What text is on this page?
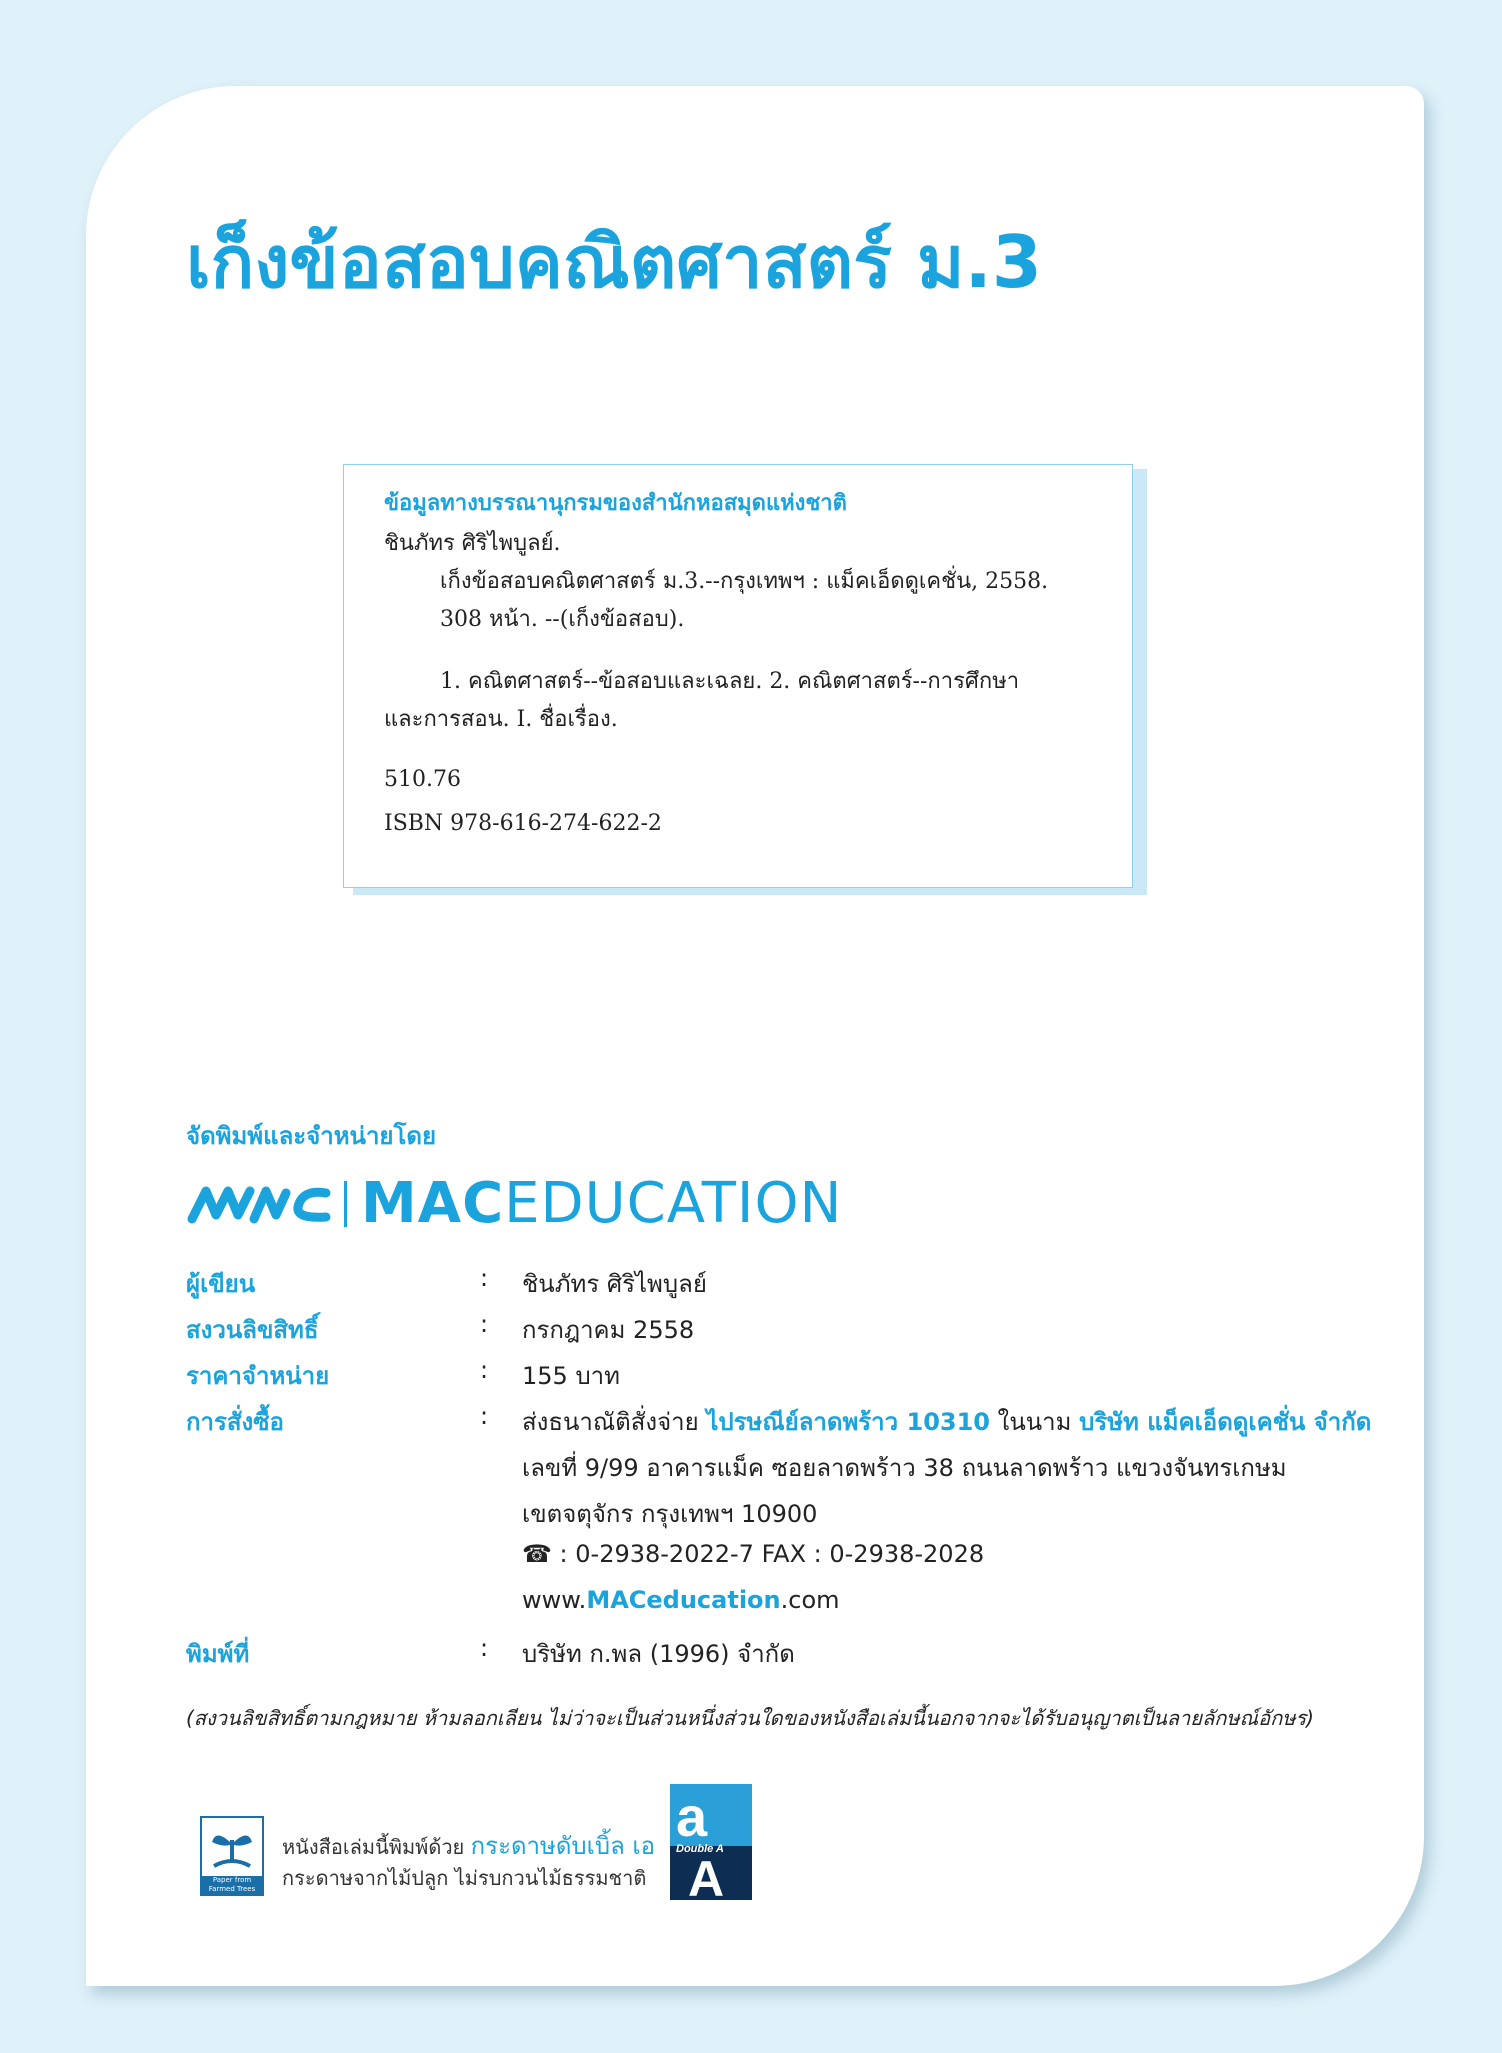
เก็งข้อสอบคณิตศาสตร์ ม.3
ข้อมูลทางบรรณานุกรมของสำนักหอสมุดแห่งชาติ
ชินภัทร ศิริไพบูลย์.
เก็งข้อสอบคณิตศาสตร์ ม.3.--กรุงเทพฯ : แม็คเอ็ดดูเคชั่น, 2558.
308 หน้า. --(เก็งข้อสอบ).
1. คณิตศาสตร์--ข้อสอบและเฉลย. 2. คณิตศาสตร์--การศึกษา
และการสอน. I. ชื่อเรื่อง.
510.76
ISBN 978-616-274-622-2
จัดพิมพ์และจำหน่ายโดย
MACEDUCATION
ผู้เขียน	: ชินภัทร ศิริไพบูลย์
สงวนลิขสิทธิ์	: กรกฎาคม 2558
ราคาจำหน่าย	: 155 บาท
การสั่งซื้อ	: ส่งธนาณัติสั่งจ่าย ไปรษณีย์ลาดพร้าว 10310 ในนาม บริษัท แม็คเอ็ดดูเคชั่น จำกัด
เลขที่ 9/99 อาคารแม็ค ซอยลาดพร้าว 38 ถนนลาดพร้าว แขวงจันทรเกษม
เขตจตุจักร กรุงเทพฯ 10900
☎ : 0-2938-2022-7 FAX : 0-2938-2028
www.MACeducation.com
พิมพ์ที่	: บริษัท ก.พล (1996) จำกัด
(สงวนลิขสิทธิ์ตามกฎหมาย ห้ามลอกเลียน ไม่ว่าจะเป็นส่วนหนึ่งส่วนใดของหนังสือเล่มนี้นอกจากจะได้รับอนุญาตเป็นลายลักษณ์อักษร)
Paper from Farmed Trees
หนังสือเล่มนี้พิมพ์ด้วย กระดาษดับเบิ้ล เอ
กระดาษจากไม้ปลูก ไม่รบกวนไม้ธรรมชาติ
a
Double A
A
